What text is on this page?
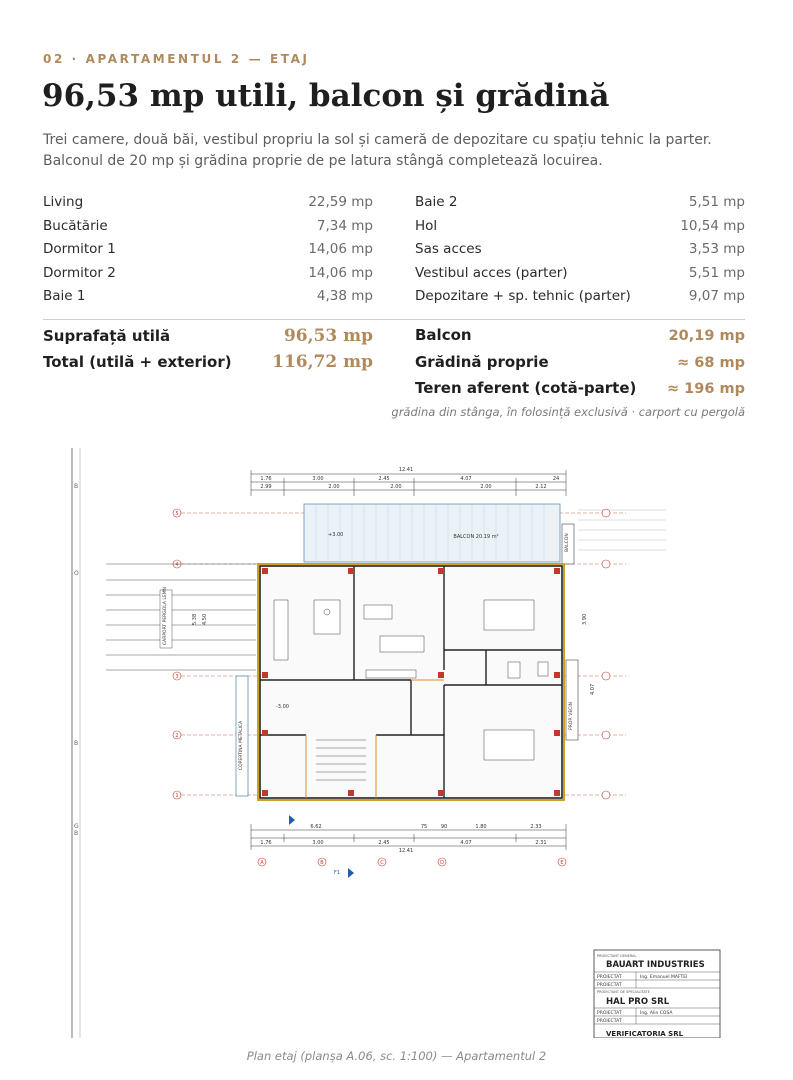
02 · APARTAMENTUL 2 — ETAJ
96,53 mp utili, balcon și grădină

Trei camere, două băi, vestibul propriu la sol și cameră de depozitare cu spațiu tehnic la parter. Balconul de 20 mp și grădina proprie de pe latura stângă completează locuirea.

Living	22,59 mp
Bucătărie	7,34 mp
Dormitor 1	14,06 mp
Dormitor 2	14,06 mp
Baie 1	4,38 mp
Baie 2	5,51 mp
Hol	10,54 mp
Sas acces	3,53 mp
Vestibul acces (parter)	5,51 mp
Depozitare + sp. tehnic (parter)	9,07 mp
Suprafață utilă	96,53 mp
Total (utilă + exterior) 116,72 mp
Balcon	20,19 mp
Grădină proprie	≈ 68 mp
Teren aferent (cotă-parte) ≈ 196 mp
grădina din stânga, în folosință exclusivă · carport cu pergolă
B
G
O
B
B
12.41
1.76	3.00	2.45	4.07	24
2.99	2.00	2.00	2.00	2.12
5
4
3
2
1
A	B	C	D	E
BALCON 20.19 m²
+3.00	BALCON
CARPORT PERGOLA LEMN	5.38 4.50
-3.00
COPERTINA METALICA
PROP. VECIN
3.90
4.07
6.62	75	90	1.80	2.33
1.76	3.00	2.45	4.07	2.31
12.41
F1
PROIECTANT GENERAL
BAUART INDUSTRIES
PROIECTAT	Ing. Emanuel MAFTEI
PROIECTAT
PROIECTANT DE SPECIALITATE
HAL PRO SRL
PROIECTAT	Ing. Alin COSA
PROIECTAT
VERIFICATORIA SRL
Plan etaj (planșa A.06, sc. 1:100) — Apartamentul 2
